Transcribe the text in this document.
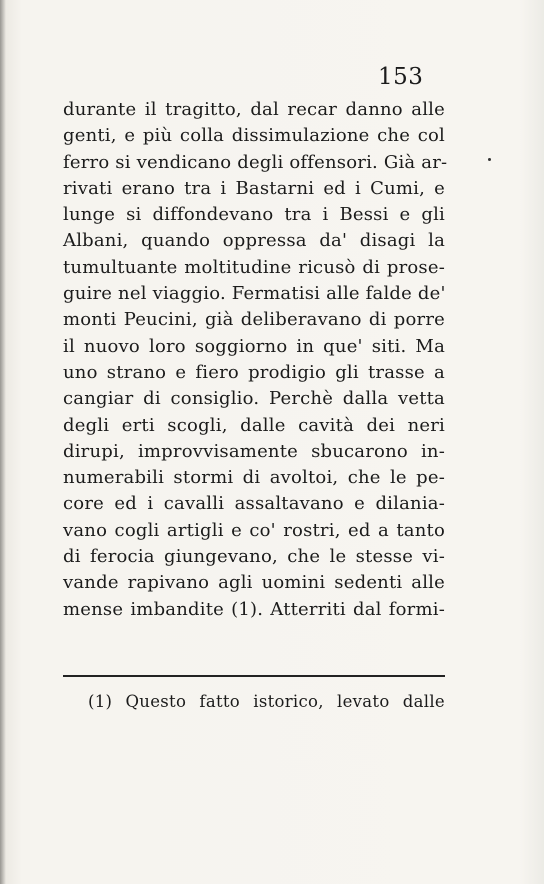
153
durante il tragitto, dal recar danno alle
genti, e più colla dissimulazione che col
ferro si vendicano degli offensori. Già ar-
rivati erano tra i Bastarni ed i Cumi, e
lunge si diffondevano tra i Bessi e gli
Albani, quando oppressa da' disagi la
tumultuante moltitudine ricusò di prose-
guire nel viaggio. Fermatisi alle falde de'
monti Peucini, già deliberavano di porre
il nuovo loro soggiorno in que' siti. Ma
uno strano e fiero prodigio gli trasse a
cangiar di consiglio. Perchè dalla vetta
degli erti scogli, dalle cavità dei neri
dirupi, improvvisamente sbucarono in-
numerabili stormi di avoltoi, che le pe-
core ed i cavalli assaltavano e dilania-
vano cogli artigli e co' rostri, ed a tanto
di ferocia giungevano, che le stesse vi-
vande rapivano agli uomini sedenti alle
mense imbandite (1). Atterriti dal formi-
(1) Questo fatto istorico, levato dalle
